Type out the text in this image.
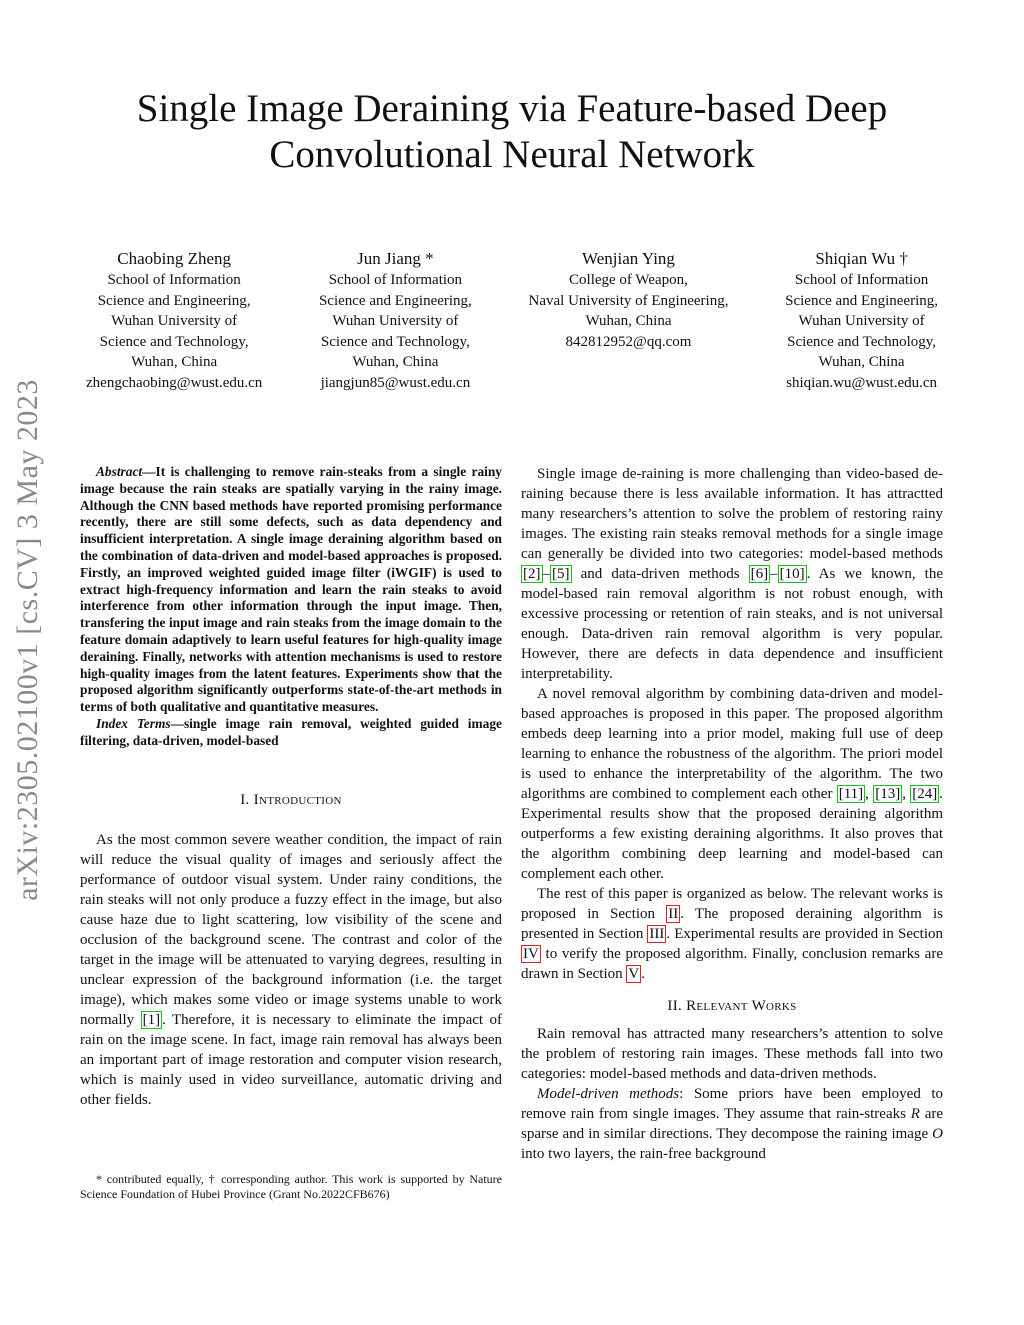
arXiv:2305.02100v1 [cs.CV] 3 May 2023
Single Image Deraining via Feature-based Deep Convolutional Neural Network
Chaobing Zheng
School of Information
Science and Engineering,
Wuhan University of
Science and Technology,
Wuhan, China
zhengchaobing@wust.edu.cn
Jun Jiang *
School of Information
Science and Engineering,
Wuhan University of
Science and Technology,
Wuhan, China
jiangjun85@wust.edu.cn
Wenjian Ying
College of Weapon,
Naval University of Engineering,
Wuhan, China
842812952@qq.com
Shiqian Wu †
School of Information
Science and Engineering,
Wuhan University of
Science and Technology,
Wuhan, China
shiqian.wu@wust.edu.cn

Abstract—It is challenging to remove rain-steaks from a single rainy image because the rain steaks are spatially varying in the rainy image. Although the CNN based methods have reported promising performance recently, there are still some defects, such as data dependency and insufficient interpretation. A single image deraining algorithm based on the combination of data-driven and model-based approaches is proposed. Firstly, an improved weighted guided image filter (iWGIF) is used to extract high-frequency information and learn the rain steaks to avoid interference from other information through the input image. Then, transfering the input image and rain steaks from the image domain to the feature domain adaptively to learn useful features for high-quality image deraining. Finally, networks with attention mechanisms is used to restore high-quality images from the latent features. Experiments show that the proposed algorithm significantly outperforms state-of-the-art methods in terms of both qualitative and quantitative measures.

Index Terms—single image rain removal, weighted guided image filtering, data-driven, model-based

I. Introduction

As the most common severe weather condition, the impact of rain will reduce the visual quality of images and seriously affect the performance of outdoor visual system. Under rainy conditions, the rain steaks will not only produce a fuzzy effect in the image, but also cause haze due to light scattering, low visibility of the scene and occlusion of the background scene. The contrast and color of the target in the image will be attenuated to varying degrees, resulting in unclear expression of the background information (i.e. the target image), which makes some video or image systems unable to work normally [1] . Therefore, it is necessary to eliminate the impact of rain on the image scene. In fact, image rain removal has always been an important part of image restoration and computer vision research, which is mainly used in video surveillance, automatic driving and other fields.

* contributed equally, † corresponding author. This work is supported by Nature Science Foundation of Hubei Province (Grant No.2022CFB676)

Single image de-raining is more challenging than video-based de-raining because there is less available information. It has attractted many researchers’s attention to solve the problem of restoring rainy images. The existing rain steaks removal methods for a single image can generally be divided into two categories: model-based methods [2] – [5] and data-driven methods [6] – [10] . As we known, the model-based rain removal algorithm is not robust enough, with excessive processing or retention of rain steaks, and is not universal enough. Data-driven rain removal algorithm is very popular. However, there are defects in data dependence and insufficient interpretability.

A novel removal algorithm by combining data-driven and model-based approaches is proposed in this paper. The proposed algorithm embeds deep learning into a prior model, making full use of deep learning to enhance the robustness of the algorithm. The priori model is used to enhance the interpretability of the algorithm. The two algorithms are combined to complement each other [11] , [13] , [24] . Experimental results show that the proposed deraining algorithm outperforms a few existing deraining algorithms. It also proves that the algorithm combining deep learning and model-based can complement each other.

The rest of this paper is organized as below. The relevant works is proposed in Section II . The proposed deraining algorithm is presented in Section III . Experimental results are provided in Section IV to verify the proposed algorithm. Finally, conclusion remarks are drawn in Section V .

II. Relevant Works

Rain removal has attracted many researchers’s attention to solve the problem of restoring rain images. These methods fall into two categories: model-based methods and data-driven methods.

Model-driven methods: Some priors have been employed to remove rain from single images. They assume that rain-streaks R are sparse and in similar directions. They decompose the raining image O into two layers, the rain-free background
